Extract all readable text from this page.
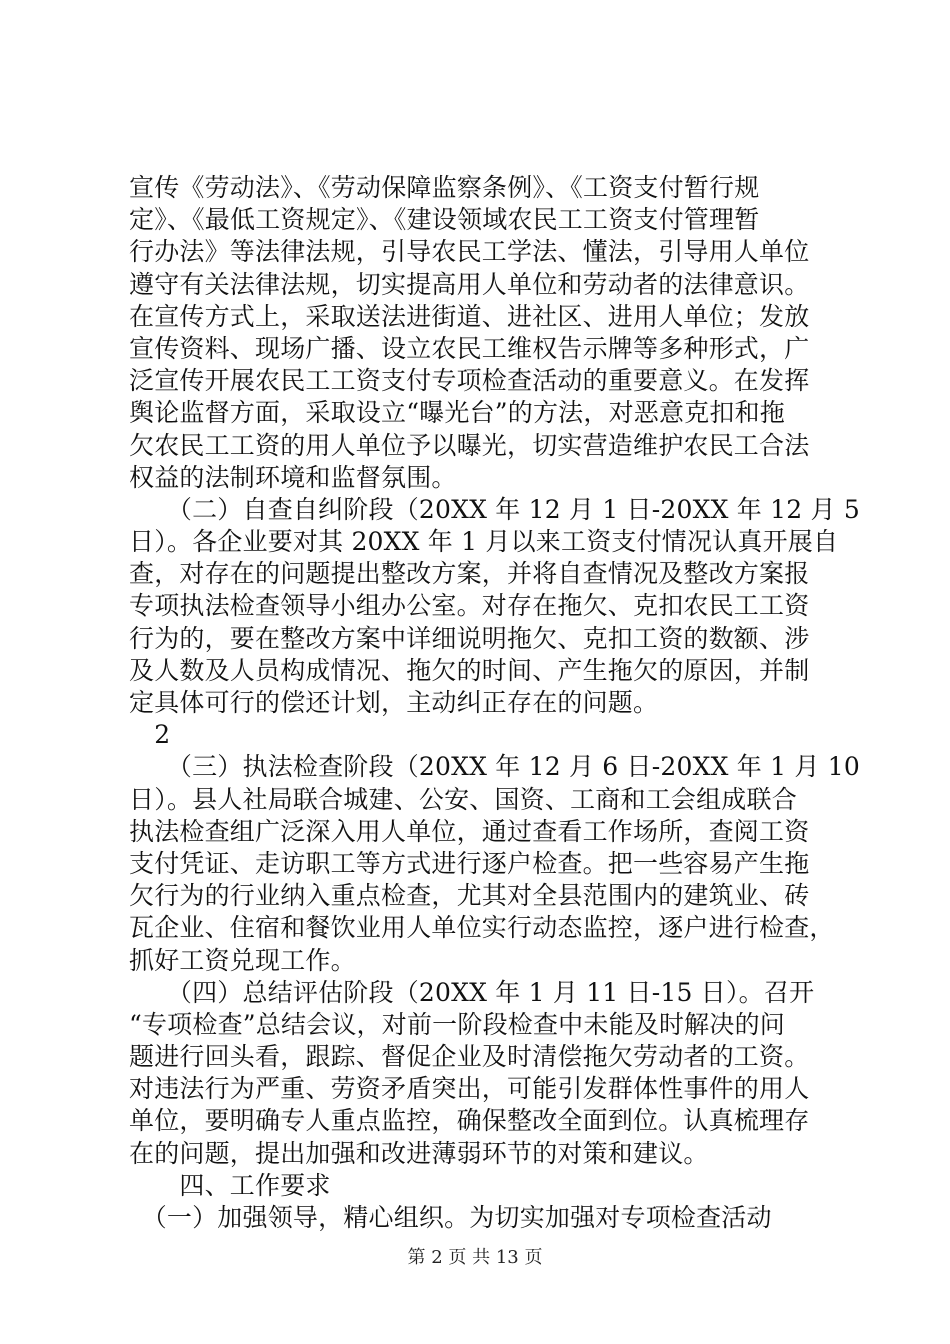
宣传《劳动法》、《劳动保障监察条例》、《工资支付暂行规
定》、《最低工资规定》、《建设领域农民工工资支付管理暂
行办法》等法律法规，引导农民工学法、懂法，引导用人单位
遵守有关法律法规，切实提高用人单位和劳动者的法律意识。
在宣传方式上，采取送法进街道、进社区、进用人单位；发放
宣传资料、现场广播、设立农民工维权告示牌等多种形式，广
泛宣传开展农民工工资支付专项检查活动的重要意义。在发挥
舆论监督方面，采取设立“曝光台”的方法，对恶意克扣和拖
欠农民工工资的用人单位予以曝光，切实营造维护农民工合法
权益的法制环境和监督氛围。
　　（二）自查自纠阶段（20XX 年 12 月 1 日-20XX 年 12 月 5
日）。各企业要对其 20XX 年 1 月以来工资支付情况认真开展自
查，对存在的问题提出整改方案，并将自查情况及整改方案报
专项执法检查领导小组办公室。对存在拖欠、克扣农民工工资
行为的，要在整改方案中详细说明拖欠、克扣工资的数额、涉
及人数及人员构成情况、拖欠的时间、产生拖欠的原因，并制
定具体可行的偿还计划，主动纠正存在的问题。
　2
　　（三）执法检查阶段（20XX 年 12 月 6 日-20XX 年 1 月 10
日）。县人社局联合城建、公安、国资、工商和工会组成联合
执法检查组广泛深入用人单位，通过查看工作场所，查阅工资
支付凭证、走访职工等方式进行逐户检查。把一些容易产生拖
欠行为的行业纳入重点检查，尤其对全县范围内的建筑业、砖
瓦企业、住宿和餐饮业用人单位实行动态监控，逐户进行检查，
抓好工资兑现工作。
　　（四）总结评估阶段（20XX 年 1 月 11 日-15 日）。召开
“专项检查”总结会议，对前一阶段检查中未能及时解决的问
题进行回头看，跟踪、督促企业及时清偿拖欠劳动者的工资。
对违法行为严重、劳资矛盾突出，可能引发群体性事件的用人
单位，要明确专人重点监控，确保整改全面到位。认真梳理存
在的问题，提出加强和改进薄弱环节的对策和建议。
　　四、工作要求
　（一）加强领导，精心组织。为切实加强对专项检查活动
第 2 页 共 13 页
